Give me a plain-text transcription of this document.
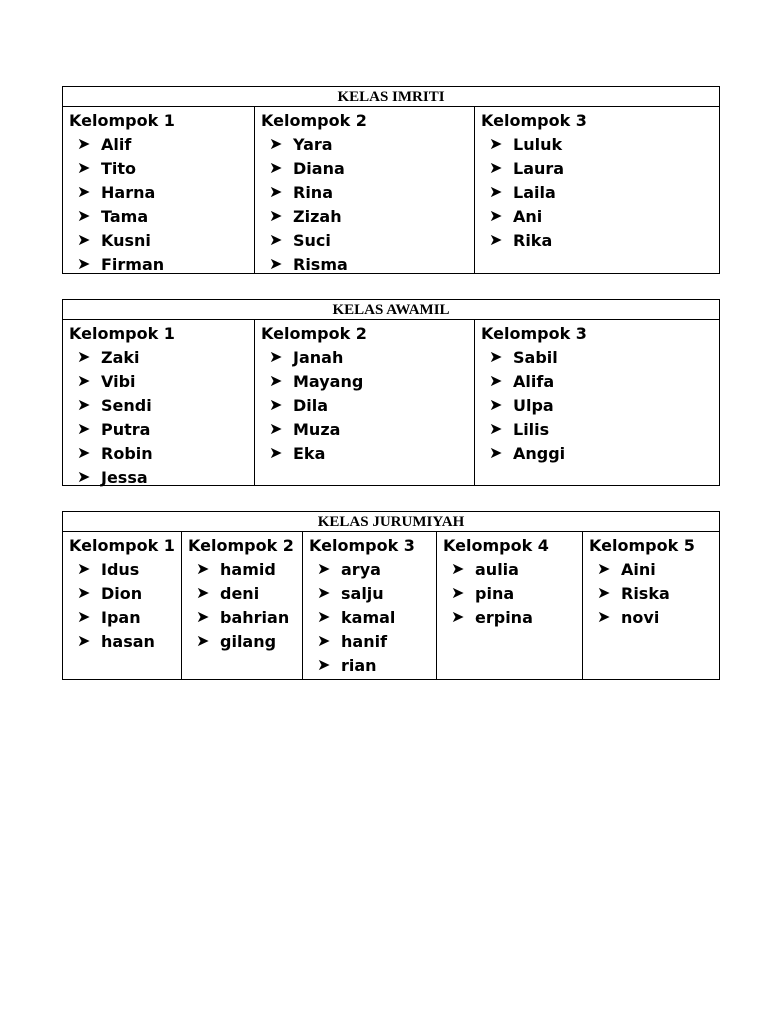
KELAS IMRITI
Kelompok 1
➤ Alif
➤ Tito
➤ Harna
➤ Tama
➤ Kusni
➤ Firman
Kelompok 2
➤ Yara
➤ Diana
➤ Rina
➤ Zizah
➤ Suci
➤ Risma
Kelompok 3
➤ Luluk
➤ Laura
➤ Laila
➤ Ani
➤ Rika
KELAS AWAMIL
Kelompok 1
➤ Zaki
➤ Vibi
➤ Sendi
➤ Putra
➤ Robin
➤ Jessa
Kelompok 2
➤ Janah
➤ Mayang
➤ Dila
➤ Muza
➤ Eka
Kelompok 3
➤ Sabil
➤ Alifa
➤ Ulpa
➤ Lilis
➤ Anggi
KELAS JURUMIYAH
Kelompok 1
➤ Idus
➤ Dion
➤ Ipan
➤ hasan
Kelompok 2
➤ hamid
➤ deni
➤ bahrian
➤ gilang
Kelompok 3
➤ arya
➤ salju
➤ kamal
➤ hanif
➤ rian
Kelompok 4
➤ aulia
➤ pina
➤ erpina
Kelompok 5
➤ Aini
➤ Riska
➤ novi
